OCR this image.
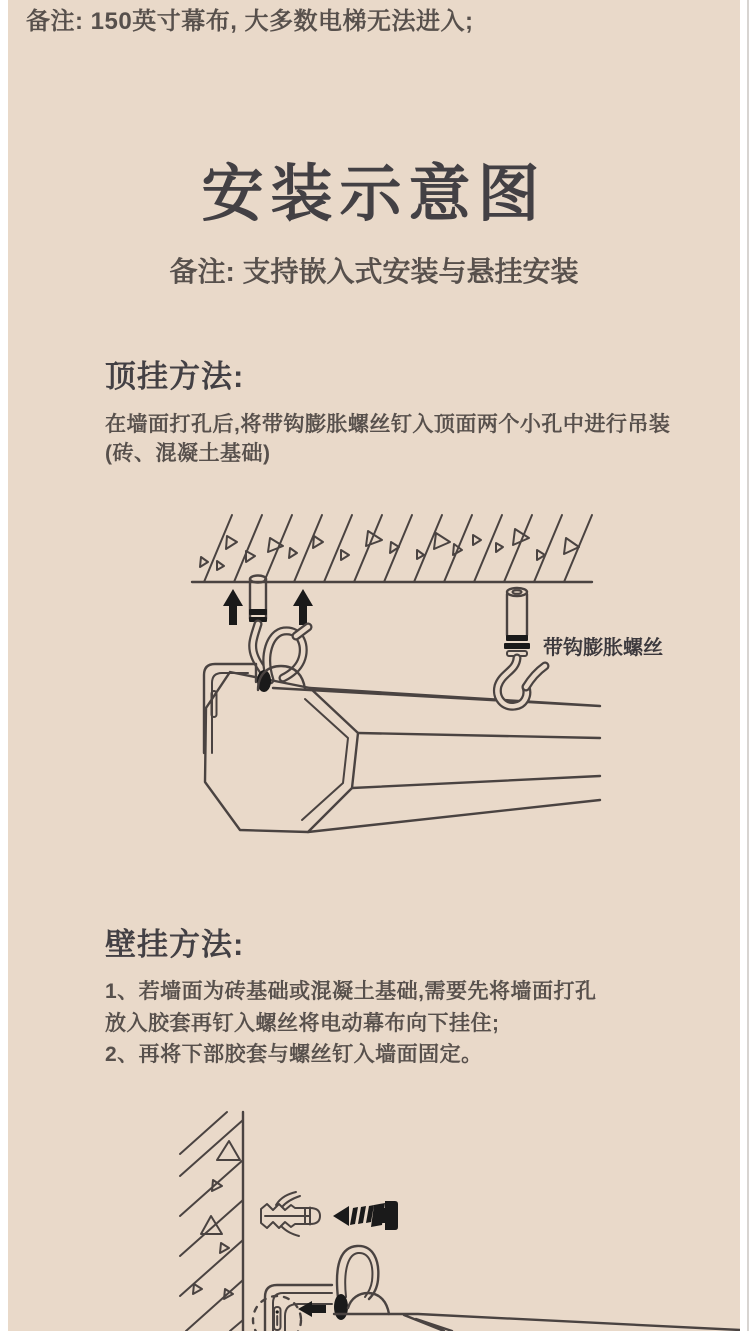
备注: 150英寸幕布, 大多数电梯无法进入;
安装示意图
备注: 支持嵌入式安装与悬挂安装
顶挂方法:
在墙面打孔后,将带钩膨胀螺丝钉入顶面两个小孔中进行吊装
(砖、混凝土基础)
带钩膨胀螺丝
壁挂方法:
1、若墙面为砖基础或混凝土基础,需要先将墙面打孔
放入胶套再钉入螺丝将电动幕布向下挂住;
2、再将下部胶套与螺丝钉入墙面固定。
